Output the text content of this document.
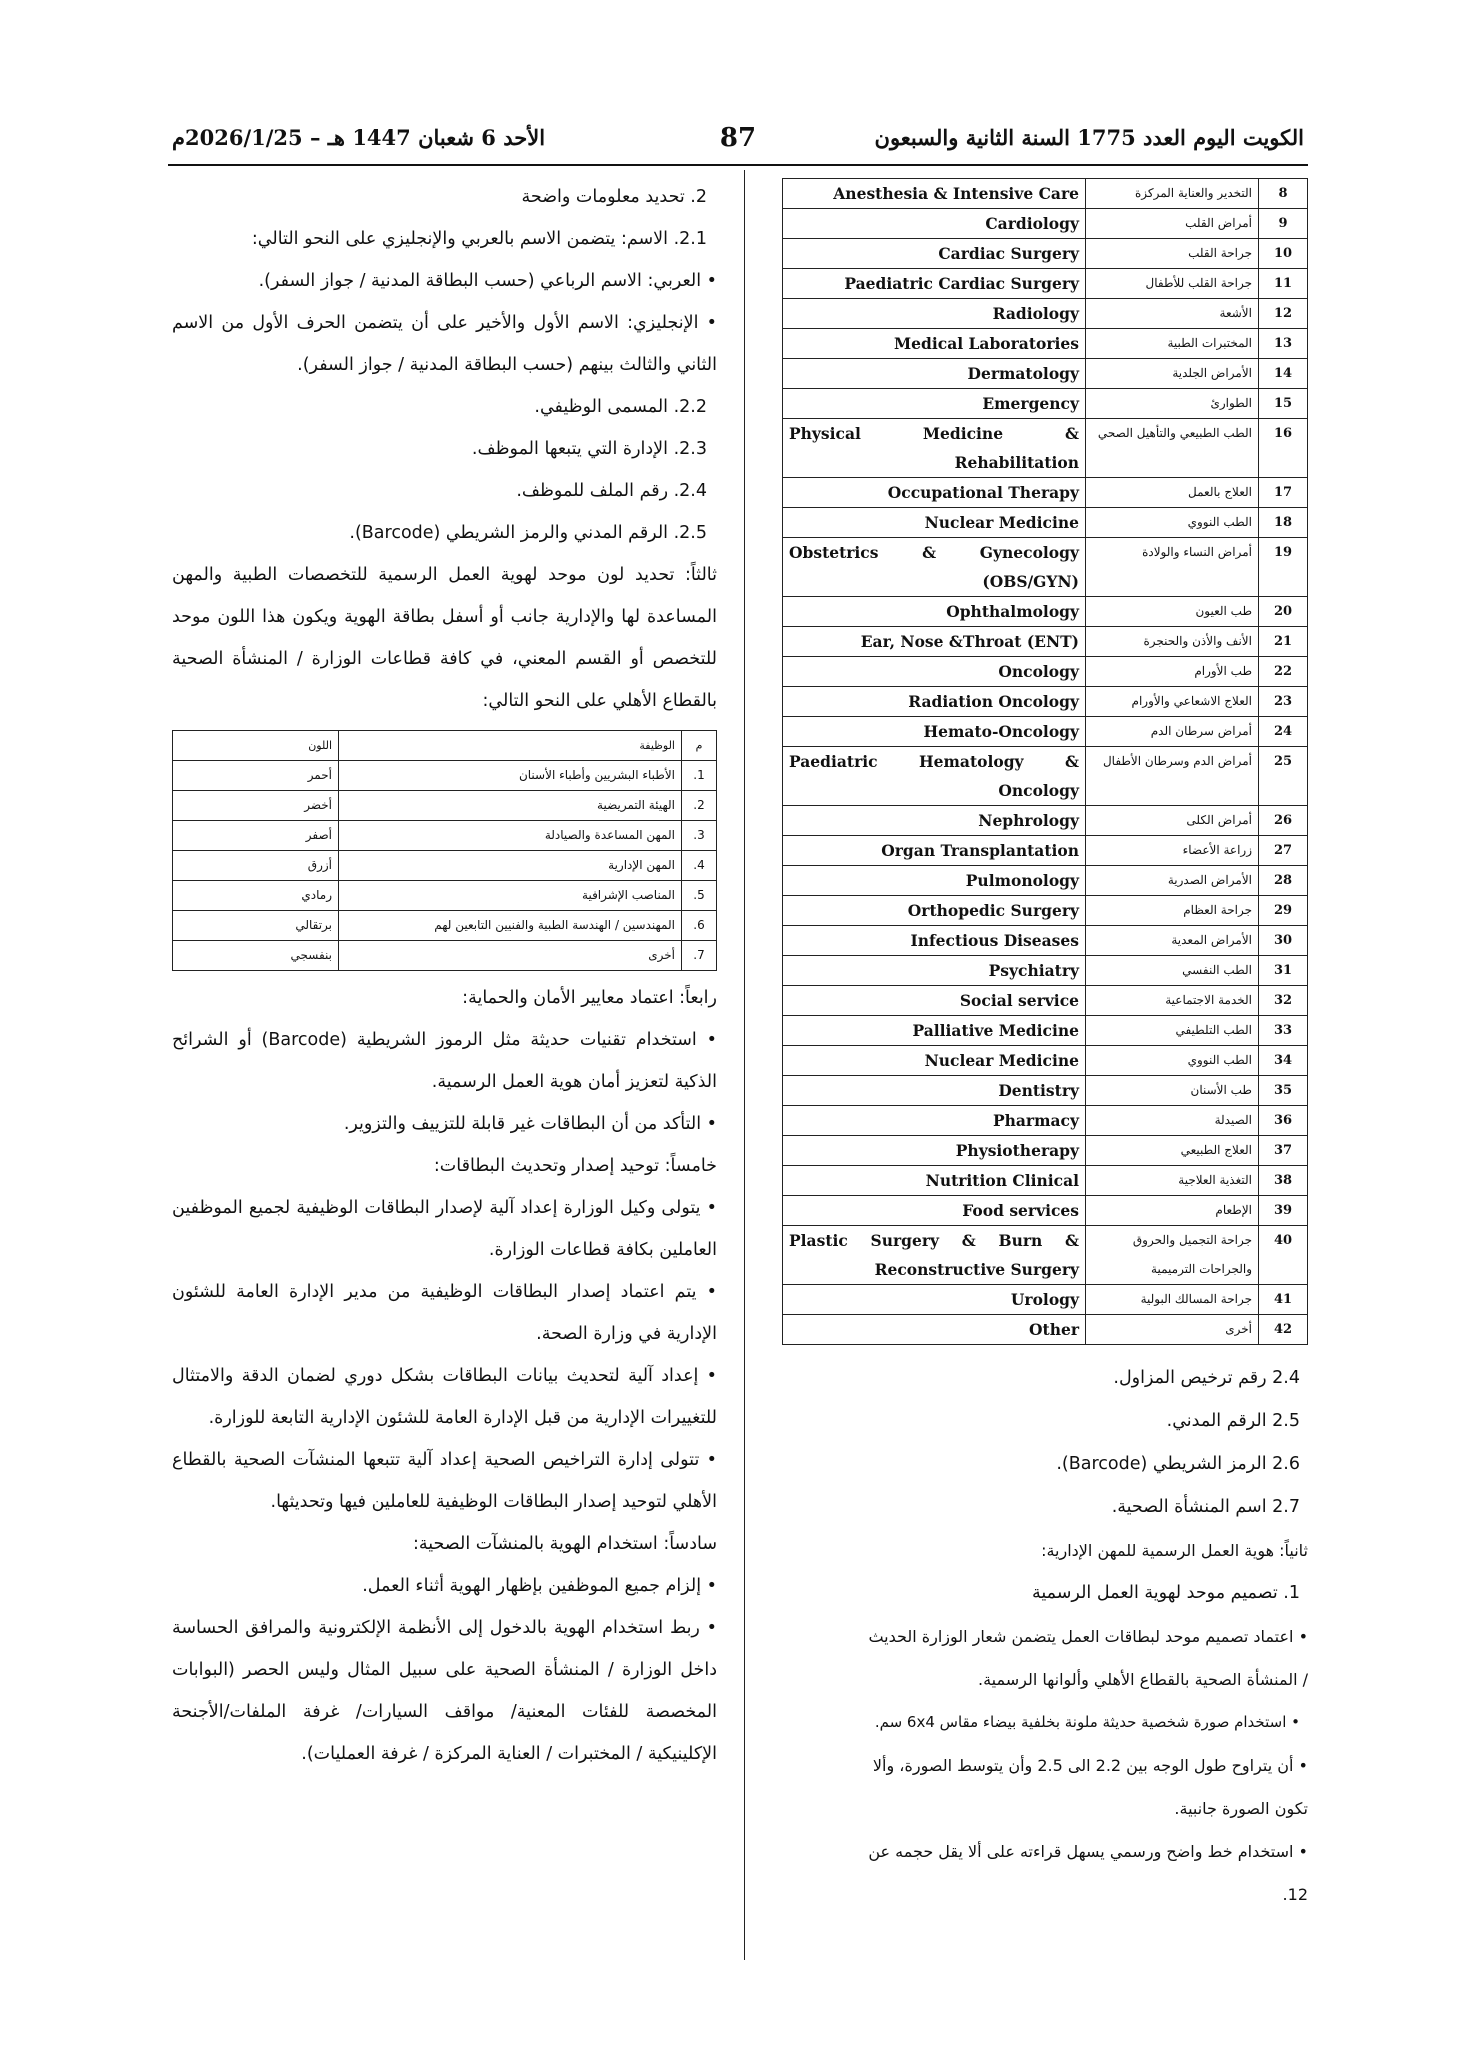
الكويت اليوم العدد 1775 السنة الثانية والسبعون
87
الأحد 6 شعبان 1447 هـ – 2026/1/25م
8	التخدير والعناية المركزة	Anesthesia & Intensive Care
9	أمراض القلب	Cardiology
10	جراحة القلب	Cardiac Surgery
11	جراحة القلب للأطفال	Paediatric Cardiac Surgery
12	الأشعة	Radiology
13	المختبرات الطبية	Medical Laboratories
14	الأمراض الجلدية	Dermatology
15	الطوارئ	Emergency
16	الطب الطبيعي والتأهيل الصحي	Physical Medicine & Rehabilitation
17	العلاج بالعمل	Occupational Therapy
18	الطب النووي	Nuclear Medicine
19	أمراض النساء والولادة	Obstetrics & Gynecology (OBS/GYN)
20	طب العيون	Ophthalmology
21	الأنف والأذن والحنجرة	Ear, Nose &Throat (ENT)
22	طب الأورام	Oncology
23	العلاج الاشعاعي والأورام	Radiation Oncology
24	أمراض سرطان الدم	Hemato-Oncology
25	أمراض الدم وسرطان الأطفال	Paediatric Hematology & Oncology
26	أمراض الكلى	Nephrology
27	زراعة الأعضاء	Organ Transplantation
28	الأمراض الصدرية	Pulmonology
29	جراحة العظام	Orthopedic Surgery
30	الأمراض المعدية	Infectious Diseases
31	الطب النفسي	Psychiatry
32	الخدمة الاجتماعية	Social service
33	الطب التلطيفي	Palliative Medicine
34	الطب النووي	Nuclear Medicine
35	طب الأسنان	Dentistry
36	الصيدلة	Pharmacy
37	العلاج الطبيعي	Physiotherapy
38	التغذية العلاجية	Nutrition Clinical
39	الإطعام	Food services
40	جراحة التجميل والحروق والجراحات الترميمية	Plastic Surgery & Burn & Reconstructive Surgery
41	جراحة المسالك البولية	Urology
42	أخرى	Other

2.4 رقم ترخيص المزاول.

2.5 الرقم المدني.

2.6 الرمز الشريطي (Barcode).

2.7 اسم المنشأة الصحية.

ثانياً: هوية العمل الرسمية للمهن الإدارية:

1. تصميم موحد لهوية العمل الرسمية

• اعتماد تصميم موحد لبطاقات العمل يتضمن شعار الوزارة الحديث

/ المنشأة الصحية بالقطاع الأهلي وألوانها الرسمية.

• استخدام صورة شخصية حديثة ملونة بخلفية بيضاء مقاس 6x4 سم.

• أن يتراوح طول الوجه بين 2.2 الى 2.5 وأن يتوسط الصورة، وألا

تكون الصورة جانبية.

• استخدام خط واضح ورسمي يسهل قراءته على ألا يقل حجمه عن

12.

2. تحديد معلومات واضحة

2.1. الاسم: يتضمن الاسم بالعربي والإنجليزي على النحو التالي:

• العربي: الاسم الرباعي (حسب البطاقة المدنية / جواز السفر).

• الإنجليزي: الاسم الأول والأخير على أن يتضمن الحرف الأول من الاسم الثاني والثالث بينهم (حسب البطاقة المدنية / جواز السفر).

2.2. المسمى الوظيفي.

2.3. الإدارة التي يتبعها الموظف.

2.4. رقم الملف للموظف.

2.5. الرقم المدني والرمز الشريطي (Barcode).

ثالثاً: تحديد لون موحد لهوية العمل الرسمية للتخصصات الطبية والمهن المساعدة لها والإدارية جانب أو أسفل بطاقة الهوية ويكون هذا اللون موحد للتخصص أو القسم المعني، في كافة قطاعات الوزارة / المنشأة الصحية بالقطاع الأهلي على النحو التالي:

م	الوظيفة	اللون
1.	الأطباء البشريين وأطباء الأسنان	أحمر
2.	الهيئة التمريضية	أخضر
3.	المهن المساعدة والصيادلة	أصفر
4.	المهن الإدارية	أزرق
5.	المناصب الإشرافية	رمادي
6.	المهندسين / الهندسة الطبية والفنيين التابعين لهم	برتقالي
7.	أخرى	بنفسجي

رابعاً: اعتماد معايير الأمان والحماية:

• استخدام تقنيات حديثة مثل الرموز الشريطية (Barcode) أو الشرائح الذكية لتعزيز أمان هوية العمل الرسمية.

• التأكد من أن البطاقات غير قابلة للتزييف والتزوير.

خامساً: توحيد إصدار وتحديث البطاقات:

• يتولى وكيل الوزارة إعداد آلية لإصدار البطاقات الوظيفية لجميع الموظفين العاملين بكافة قطاعات الوزارة.

• يتم اعتماد إصدار البطاقات الوظيفية من مدير الإدارة العامة للشئون الإدارية في وزارة الصحة.

• إعداد آلية لتحديث بيانات البطاقات بشكل دوري لضمان الدقة والامتثال للتغييرات الإدارية من قبل الإدارة العامة للشئون الإدارية التابعة للوزارة.

• تتولى إدارة التراخيص الصحية إعداد آلية تتبعها المنشآت الصحية بالقطاع الأهلي لتوحيد إصدار البطاقات الوظيفية للعاملين فيها وتحديثها.

سادساً: استخدام الهوية بالمنشآت الصحية:

• إلزام جميع الموظفين بإظهار الهوية أثناء العمل.

• ربط استخدام الهوية بالدخول إلى الأنظمة الإلكترونية والمرافق الحساسة داخل الوزارة / المنشأة الصحية على سبيل المثال وليس الحصر (البوابات المخصصة للفئات المعنية/ مواقف السيارات/ غرفة الملفات/الأجنحة الإكلينيكية / المختبرات / العناية المركزة / غرفة العمليات).
